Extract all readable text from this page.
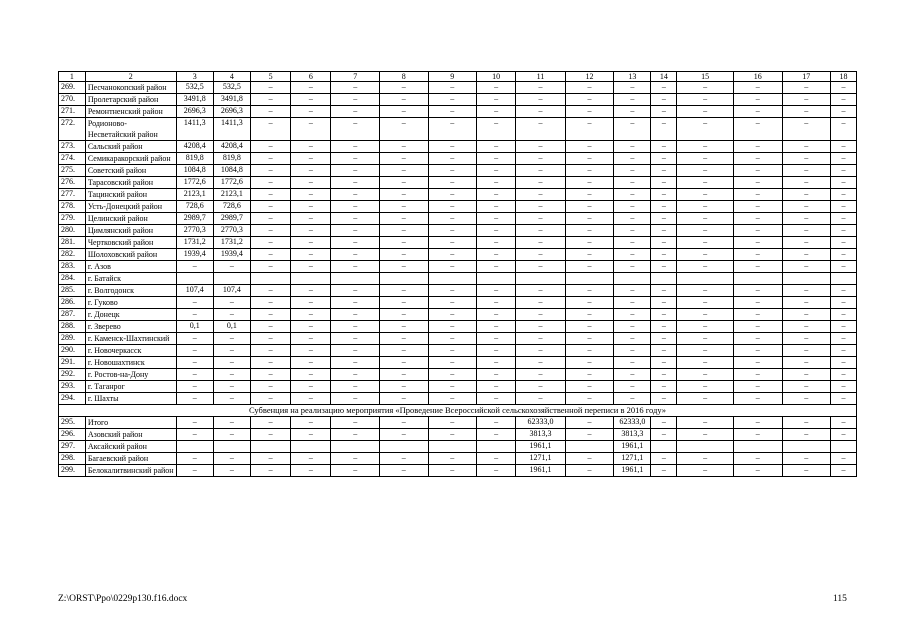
1	2	3	4	5	6	7	8	9	10	11	12	13	14	15	16	17	18
269.	Песчанокопский район	532,5	532,5	–	–	–	–	–	–	–	–	–	–	–	–	–	–
270.	Пролетарский район	3491,8	3491,8	–	–	–	–	–	–	–	–	–	–	–	–	–	–
271.	Ремонтненский район	2696,3	2696,3	–	–	–	–	–	–	–	–	–	–	–	–	–	–
272.	Родионово-Несветайский район	1411,3	1411,3	–	–	–	–	–	–	–	–	–	–	–	–	–	–
273.	Сальский район	4208,4	4208,4	–	–	–	–	–	–	–	–	–	–	–	–	–	–
274.	Семикаракорский район	819,8	819,8	–	–	–	–	–	–	–	–	–	–	–	–	–	–
275.	Советский район	1084,8	1084,8	–	–	–	–	–	–	–	–	–	–	–	–	–	–
276.	Тарасовский район	1772,6	1772,6	–	–	–	–	–	–	–	–	–	–	–	–	–	–
277.	Тацинский район	2123,1	2123,1	–	–	–	–	–	–	–	–	–	–	–	–	–	–
278.	Усть-Донецкий район	728,6	728,6	–	–	–	–	–	–	–	–	–	–	–	–	–	–
279.	Целинский район	2989,7	2989,7	–	–	–	–	–	–	–	–	–	–	–	–	–	–
280.	Цимлянский район	2770,3	2770,3	–	–	–	–	–	–	–	–	–	–	–	–	–	–
281.	Чертковский район	1731,2	1731,2	–	–	–	–	–	–	–	–	–	–	–	–	–	–
282.	Шолоховский район	1939,4	1939,4	–	–	–	–	–	–	–	–	–	–	–	–	–	–
283.	г. Азов	–	–	–	–	–	–	–	–	–	–	–	–	–	–	–	–
284.	г. Батайск																
285.	г. Волгодонск	107,4	107,4	–	–	–	–	–	–	–	–	–	–	–	–	–	–
286.	г. Гуково	–	–	–	–	–	–	–	–	–	–	–	–	–	–	–	–
287.	г. Донецк	–	–	–	–	–	–	–	–	–	–	–	–	–	–	–	–
288.	г. Зверево	0,1	0,1	–	–	–	–	–	–	–	–	–	–	–	–	–	–
289.	г. Каменск-Шахтинский	–	–	–	–	–	–	–	–	–	–	–	–	–	–	–	–
290.	г. Новочеркасск	–	–	–	–	–	–	–	–	–	–	–	–	–	–	–	–
291.	г. Новошахтинск	–	–	–	–	–	–	–	–	–	–	–	–	–	–	–	–
292.	г. Ростов-на-Дону	–	–	–	–	–	–	–	–	–	–	–	–	–	–	–	–
293.	г. Таганрог	–	–	–	–	–	–	–	–	–	–	–	–	–	–	–	–
294.	г. Шахты	–	–	–	–	–	–	–	–	–	–	–	–	–	–	–	–
Субвенция на реализацию мероприятия «Проведение Всероссийской сельскохозяйственной переписи в 2016 году»																	
295.	Итого	–	–	–	–	–	–	–	–	62333,0	–	62333,0	–	–	–	–	–
296.	Азовский район	–	–	–	–	–	–	–	–	3813,3	–	3813,3	–	–	–	–	–
297.	Аксайский район									1961,1		1961,1					
298.	Багаевский район	–	–	–	–	–	–	–	–	1271,1	–	1271,1	–	–	–	–	–
299.	Белокалитвинский район	–	–	–	–	–	–	–	–	1961,1	–	1961,1	–	–	–	–	–
Z:\ORST\Ppo\0229p130.f16.docx	115
